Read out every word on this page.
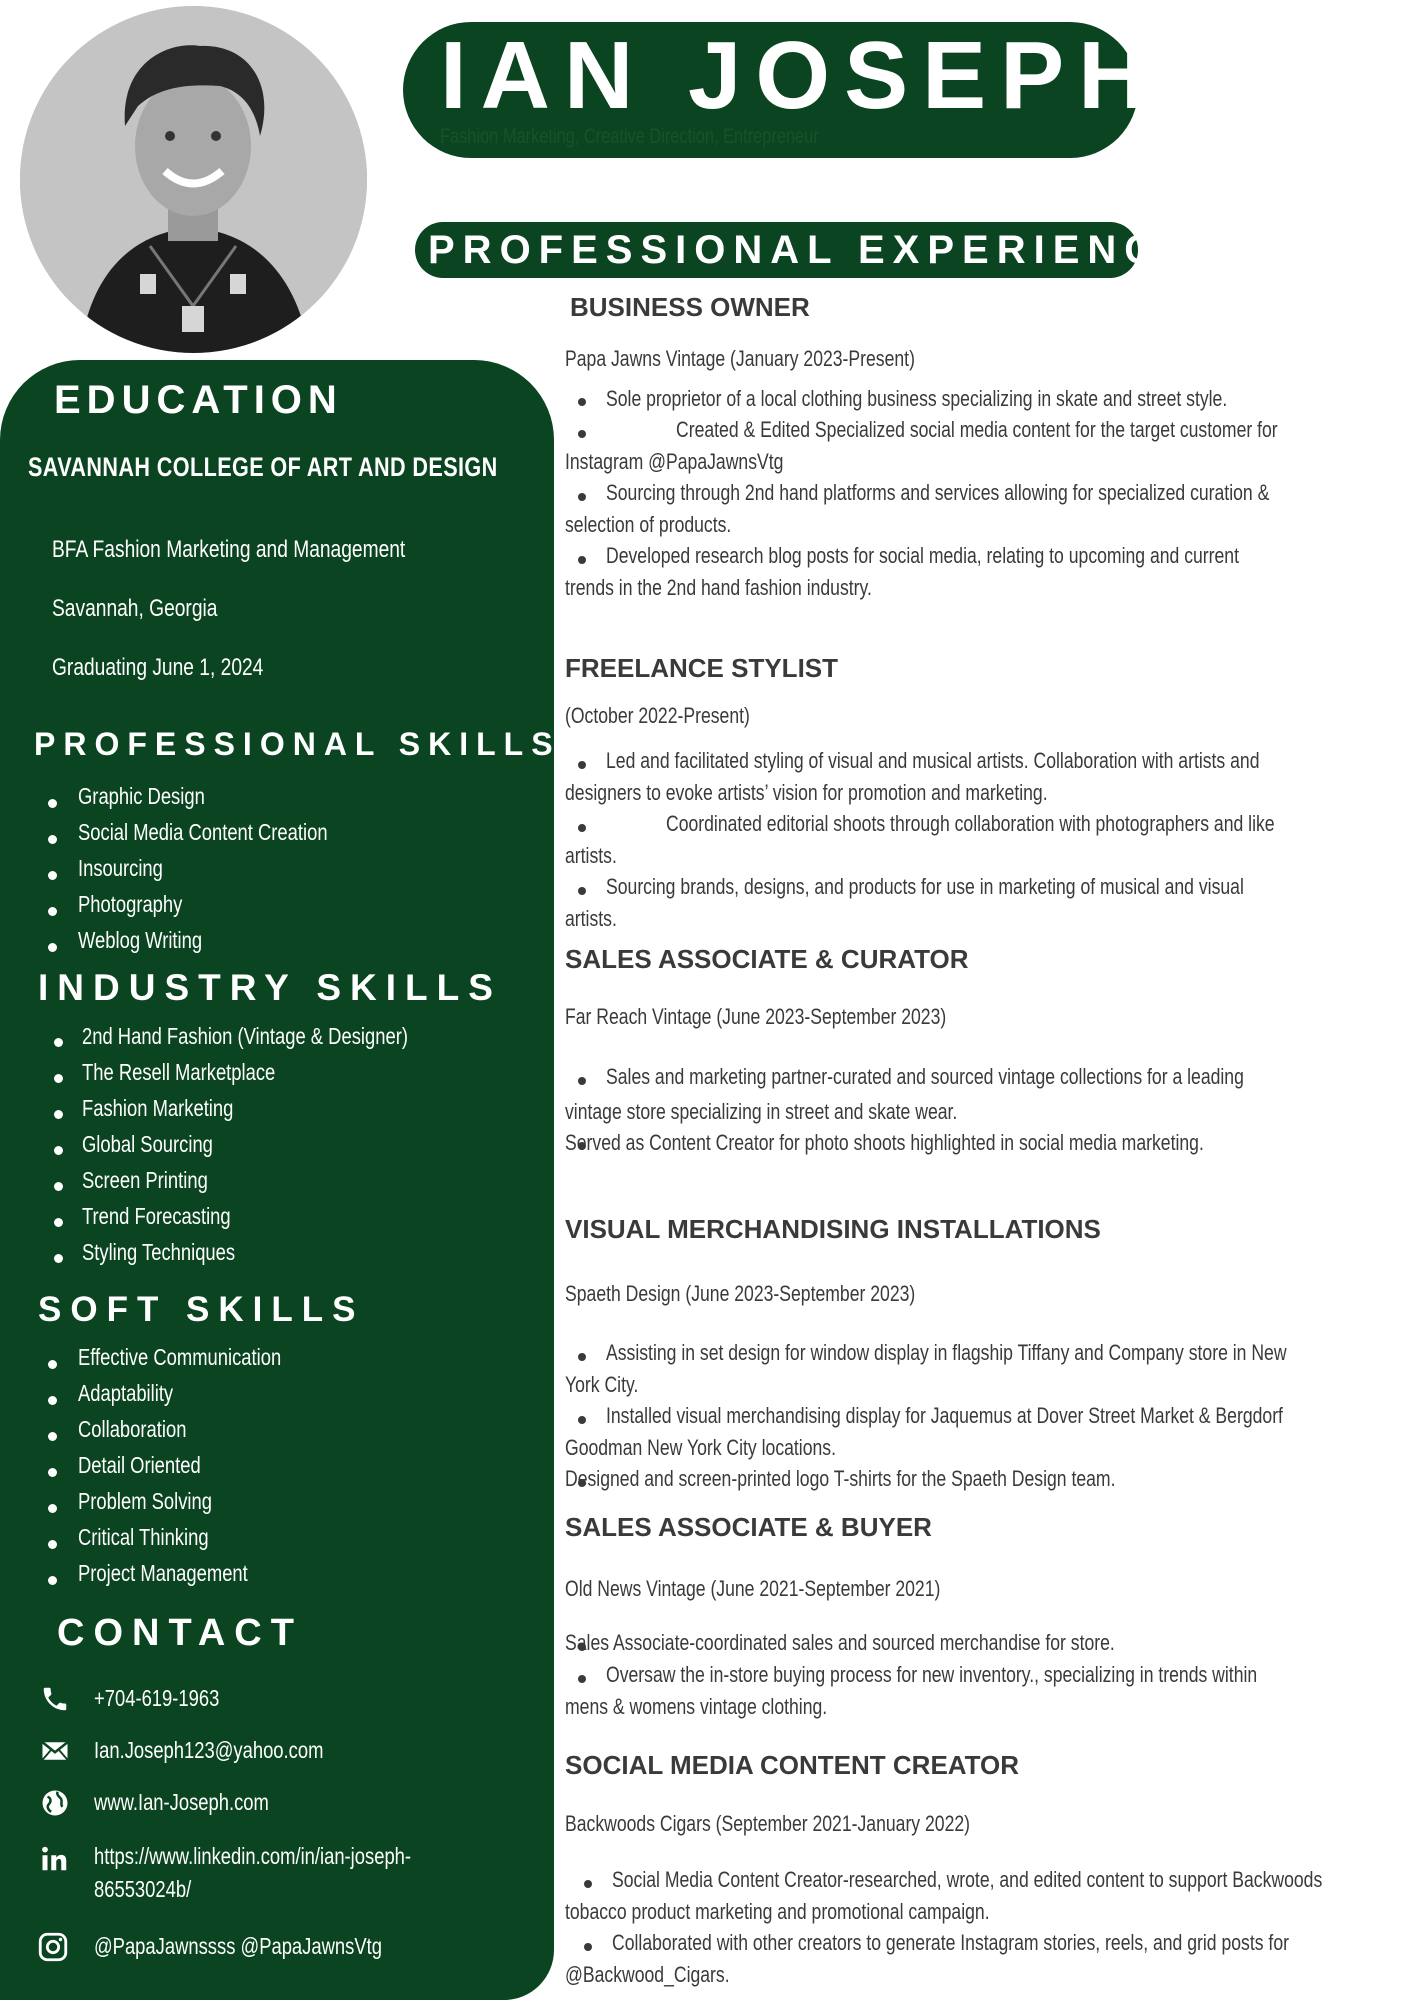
IAN JOSEPH
Fashion Marketing, Creative Direction, Entrepreneur
PROFESSIONAL EXPERIENCE
EDUCATION
SAVANNAH COLLEGE OF ART AND DESIGN
BFA Fashion Marketing and Management
Savannah, Georgia
Graduating June 1, 2024
PROFESSIONAL SKILLS
Graphic Design
Social Media Content Creation
Insourcing
Photography
Weblog Writing
INDUSTRY SKILLS
2nd Hand Fashion (Vintage & Designer)
The Resell Marketplace
Fashion Marketing
Global Sourcing
Screen Printing
Trend Forecasting
Styling Techniques
SOFT SKILLS
Effective Communication
Adaptability
Collaboration
Detail Oriented
Problem Solving
Critical Thinking
Project Management
CONTACT
+704-619-1963
Ian.Joseph123@yahoo.com
www.Ian-Joseph.com
https://www.linkedin.com/in/ian-joseph-
86553024b/
@PapaJawnssss @PapaJawnsVtg
BUSINESS OWNER
Papa Jawns Vintage (January 2023-Present)
Sole proprietor of a local clothing business specializing in skate and street style.
Created & Edited Specialized social media content for the target customer for
Instagram @PapaJawnsVtg
Sourcing through 2nd hand platforms and services allowing for specialized curation &
selection of products.
Developed research blog posts for social media, relating to upcoming and current
trends in the 2nd hand fashion industry.
FREELANCE STYLIST
(October 2022-Present)
Led and facilitated styling of visual and musical artists. Collaboration with artists and
designers to evoke artists’ vision for promotion and marketing.
Coordinated editorial shoots through collaboration with photographers and like
artists.
Sourcing brands, designs, and products for use in marketing of musical and visual
artists.
SALES ASSOCIATE & CURATOR
Far Reach Vintage (June 2023-September 2023)
Sales and marketing partner-curated and sourced vintage collections for a leading
vintage store specializing in street and skate wear.
Served as Content Creator for photo shoots highlighted in social media marketing.
VISUAL MERCHANDISING INSTALLATIONS
Spaeth Design (June 2023-September 2023)
Assisting in set design for window display in flagship Tiffany and Company store in New
York City.
Installed visual merchandising display for Jaquemus at Dover Street Market & Bergdorf
Goodman New York City locations.
Designed and screen-printed logo T-shirts for the Spaeth Design team.
SALES ASSOCIATE & BUYER
Old News Vintage (June 2021-September 2021)
Sales Associate-coordinated sales and sourced merchandise for store.
Oversaw the in-store buying process for new inventory., specializing in trends within
mens & womens vintage clothing.
SOCIAL MEDIA CONTENT CREATOR
Backwoods Cigars (September 2021-January 2022)
Social Media Content Creator-researched, wrote, and edited content to support Backwoods
tobacco product marketing and promotional campaign.
Collaborated with other creators to generate Instagram stories, reels, and grid posts for
@Backwood_Cigars.
